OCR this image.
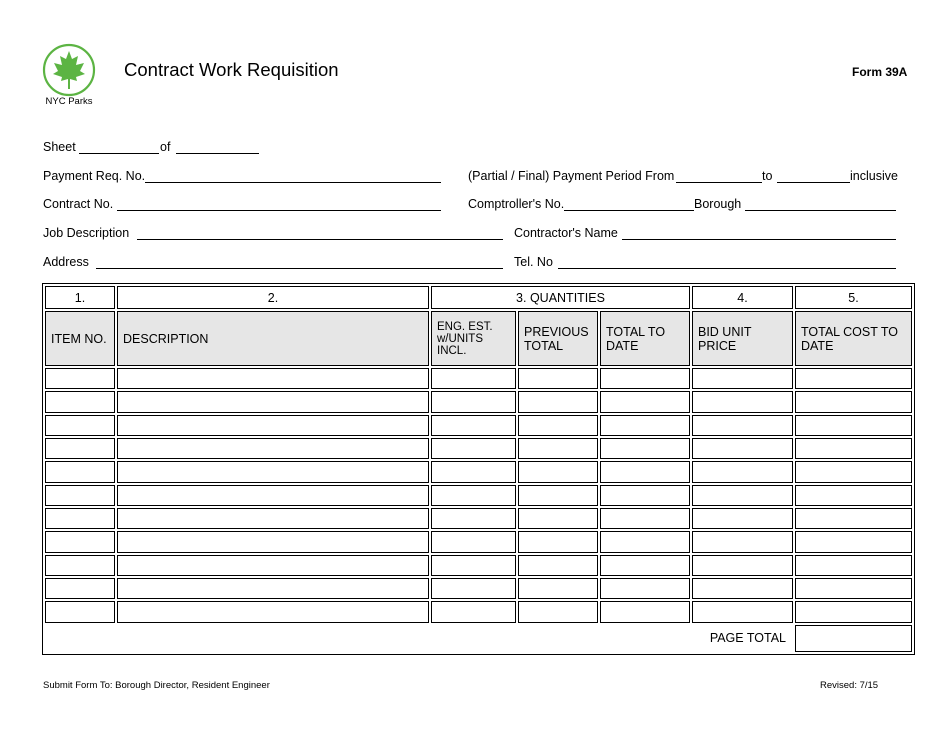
NYC Parks
Contract Work Requisition	Form 39A
Sheet	of
Payment Req. No.	(Partial / Final) Payment Period From	to	inclusive
Contract No.	Comptroller's No.	Borough
Job Description	Contractor's Name
Address	Tel. No
1.	2.	3. QUANTITIES			4.	5.
ITEM NO.	DESCRIPTION	ENG. EST. w/UNITS INCL.	PREVIOUS TOTAL	TOTAL TO DATE	BID UNIT PRICE	TOTAL COST TO DATE

PAGE TOTAL						
Submit Form To: Borough Director, Resident Engineer	Revised: 7/15
